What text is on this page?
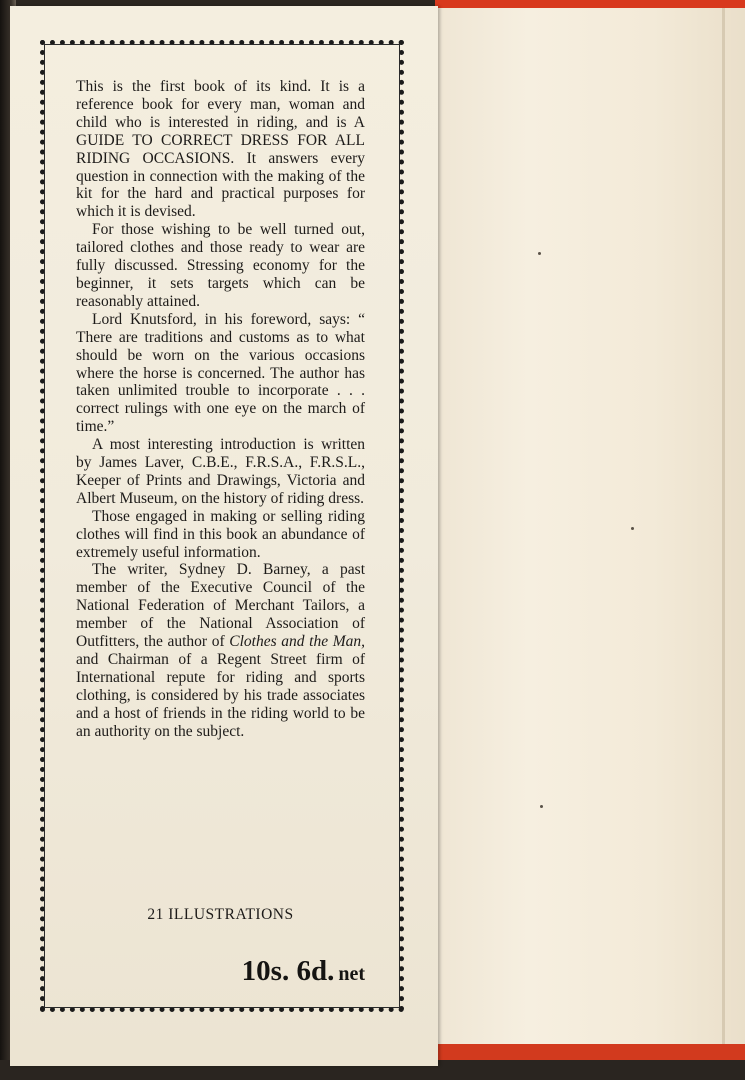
This is the first book of its kind. It is a reference book for every man, woman and child who is interested in riding, and is A GUIDE TO CORRECT DRESS FOR ALL RIDING OCCASIONS. It answers every question in connection with the making of the kit for the hard and practical purposes for which it is devised.

For those wishing to be well turned out, tailored clothes and those ready to wear are fully discussed. Stressing economy for the beginner, it sets targets which can be reasonably attained.

Lord Knutsford, in his foreword, says: “ There are traditions and customs as to what should be worn on the various occasions where the horse is concerned. The author has taken unlimited trouble to incorporate . . . correct rulings with one eye on the march of time.”

A most interesting introduction is written by James Laver, C.B.E., F.R.S.A., F.R.S.L., Keeper of Prints and Drawings, Victoria and Albert Museum, on the history of riding dress.

Those engaged in making or selling riding clothes will find in this book an abundance of extremely useful information.

The writer, Sydney D. Barney, a past member of the Executive Council of the National Federation of Merchant Tailors, a member of the National Association of Outfitters, the author of Clothes and the Man, and Chairman of a Regent Street firm of International repute for riding and sports clothing, is considered by his trade associates and a host of friends in the riding world to be an authority on the subject.

21 ILLUSTRATIONS
10s. 6d. net
